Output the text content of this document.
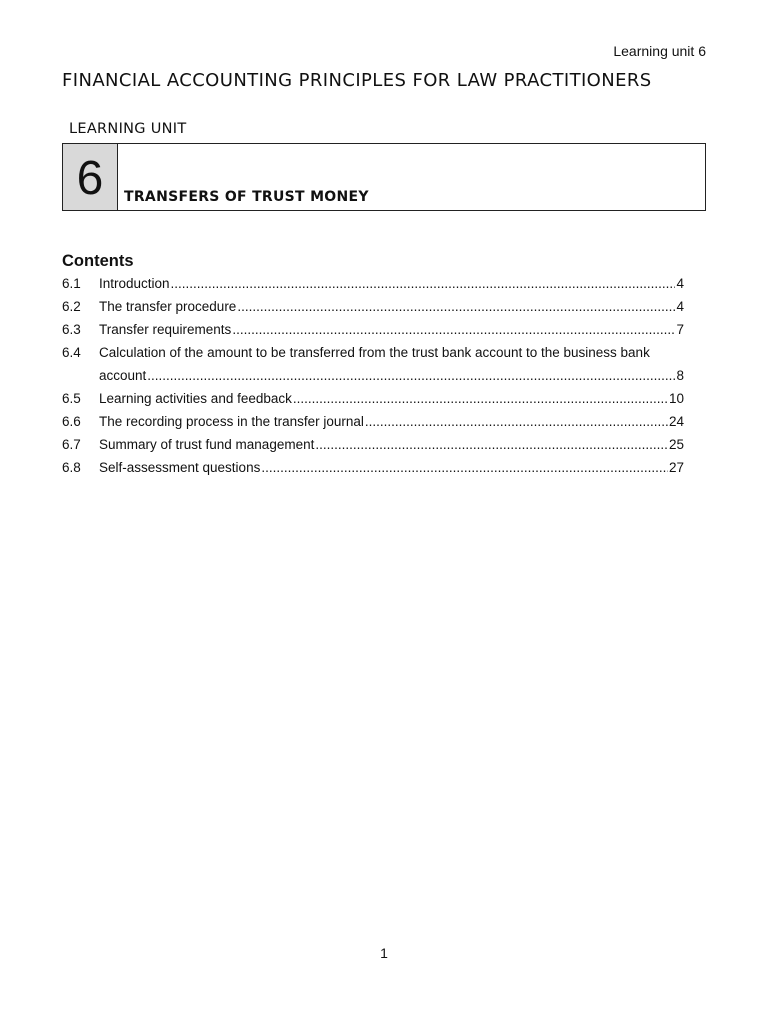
Learning unit 6
FINANCIAL ACCOUNTING PRINCIPLES FOR LAW PRACTITIONERS
LEARNING UNIT
6	TRANSFERS OF TRUST MONEY
Contents
6.1	Introduction .....	4
6.2	The transfer procedure .....	4
6.3	Transfer requirements .....	7
6.4	Calculation of the amount to be transferred from the trust bank account to the business bank
account .....	8
6.5	Learning activities and feedback .....	10
6.6	The recording process in the transfer journal .....	24
6.7	Summary of trust fund management .....	25
6.8	Self-assessment questions .....	27
1
